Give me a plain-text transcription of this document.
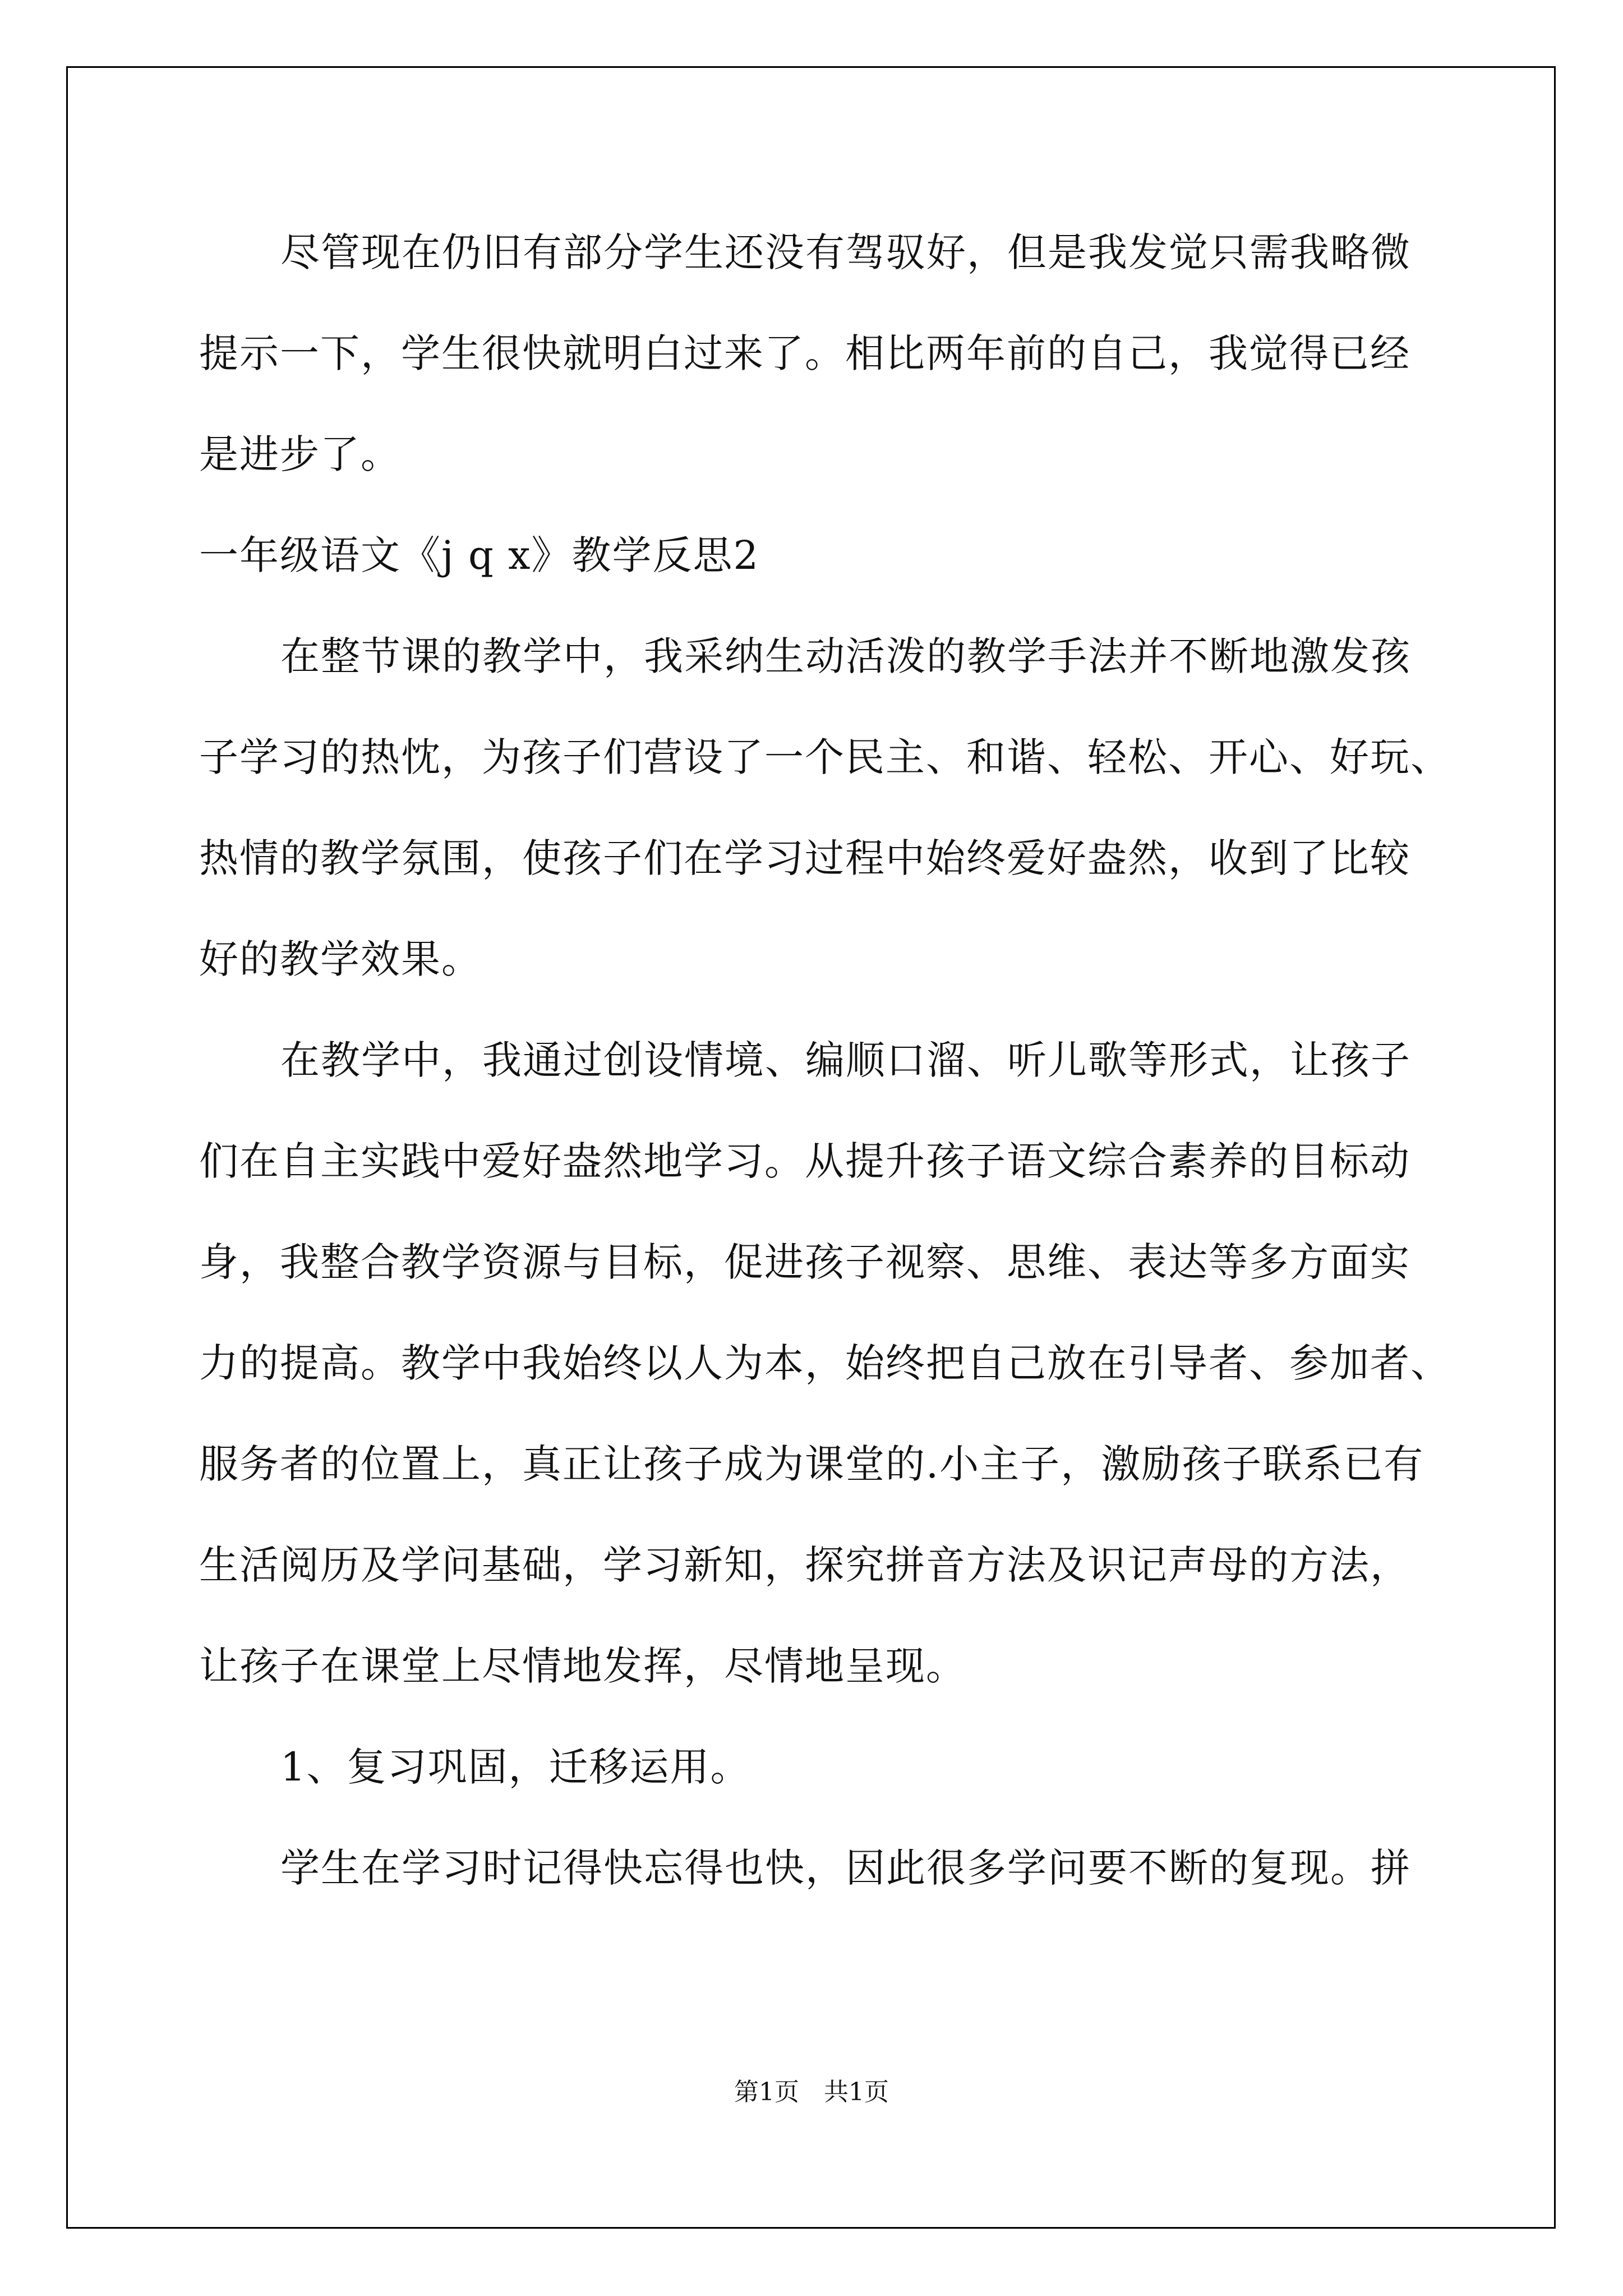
尽管现在仍旧有部分学生还没有驾驭好，但是我发觉只需我略微
提示一下，学生很快就明白过来了。相比两年前的自己，我觉得已经
是进步了。
一年级语文《j q x》教学反思2
在整节课的教学中，我采纳生动活泼的教学手法并不断地激发孩
子学习的热忱，为孩子们营设了一个民主、和谐、轻松、开心、好玩、
热情的教学氛围，使孩子们在学习过程中始终爱好盎然，收到了比较
好的教学效果。
在教学中，我通过创设情境、编顺口溜、听儿歌等形式，让孩子
们在自主实践中爱好盎然地学习。从提升孩子语文综合素养的目标动
身，我整合教学资源与目标，促进孩子视察、思维、表达等多方面实
力的提高。教学中我始终以人为本，始终把自己放在引导者、参加者、
服务者的位置上，真正让孩子成为课堂的.小主子，激励孩子联系已有
生活阅历及学问基础，学习新知，探究拼音方法及识记声母的方法，
让孩子在课堂上尽情地发挥，尽情地呈现。
1、复习巩固，迁移运用。
学生在学习时记得快忘得也快，因此很多学问要不断的复现。拼
第1页　共1页
